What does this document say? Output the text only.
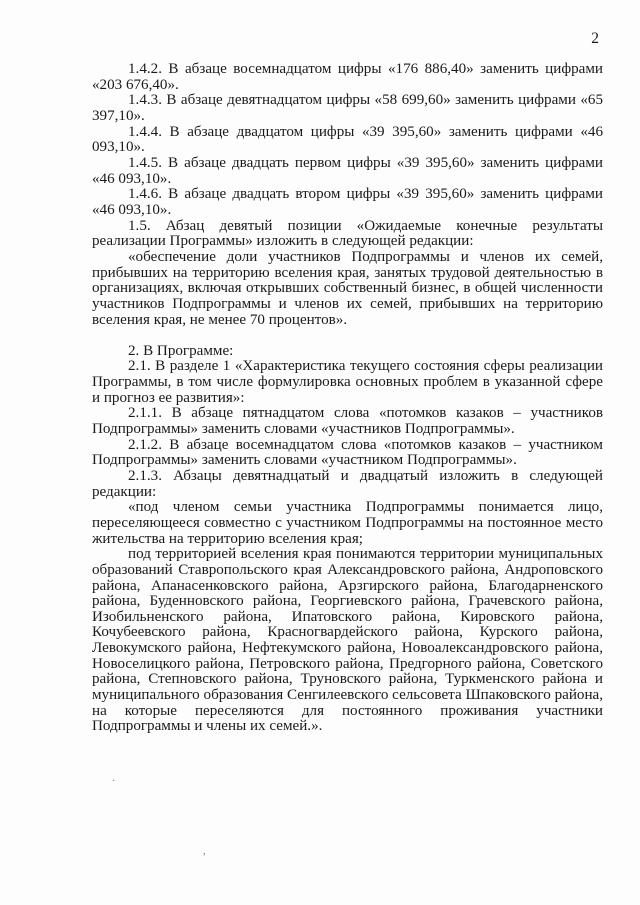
2

1.4.2. В абзаце восемнадцатом цифры «176 886,40» заменить цифрами «203 676,40».

1.4.3. В абзаце девятнадцатом цифры «58 699,60» заменить цифрами «65 397,10».

1.4.4. В абзаце двадцатом цифры «39 395,60» заменить цифрами «46 093,10».

1.4.5. В абзаце двадцать первом цифры «39 395,60» заменить цифрами «46 093,10».

1.4.6. В абзаце двадцать втором цифры «39 395,60» заменить цифрами «46 093,10».

1.5. Абзац девятый позиции «Ожидаемые конечные результаты реализации Программы» изложить в следующей редакции:

«обеспечение доли участников Подпрограммы и членов их семей, прибывших на территорию вселения края, занятых трудовой деятельностью в организациях, включая открывших собственный бизнес, в общей численности участников Подпрограммы и членов их семей, прибывших на территорию вселения края, не менее 70 процентов».

2. В Программе:

2.1. В разделе 1 «Характеристика текущего состояния сферы реализации Программы, в том числе формулировка основных проблем в указанной сфере и прогноз ее развития»:

2.1.1. В абзаце пятнадцатом слова «потомков казаков – участников Подпрограммы» заменить словами «участников Подпрограммы».

2.1.2. В абзаце восемнадцатом слова «потомков казаков – участником Подпрограммы» заменить словами «участником Подпрограммы».

2.1.3. Абзацы девятнадцатый и двадцатый изложить в следующей редакции:

«под членом семьи участника Подпрограммы понимается лицо, переселяющееся совместно с участником Подпрограммы на постоянное место жительства на территорию вселения края;

под территорией вселения края понимаются территории муниципальных образований Ставропольского края Александровского района, Андроповского района, Апанасенковского района, Арзгирского района, Благодарненского района, Буденновского района, Георгиевского района, Грачевского района, Изобильненского района, Ипатовского района, Кировского района, Кочубеевского района, Красногвардейского района, Курского района, Левокумского района, Нефтекумского района, Новоалександровского района, Новоселицкого района, Петровского района, Предгорного района, Советского района, Степновского района, Труновского района, Туркменского района и муниципального образования Сенгилеевского сельсовета Шпаковского района, на которые переселяются для постоянного проживания участники Подпрограммы и члены их семей.».

·
,
